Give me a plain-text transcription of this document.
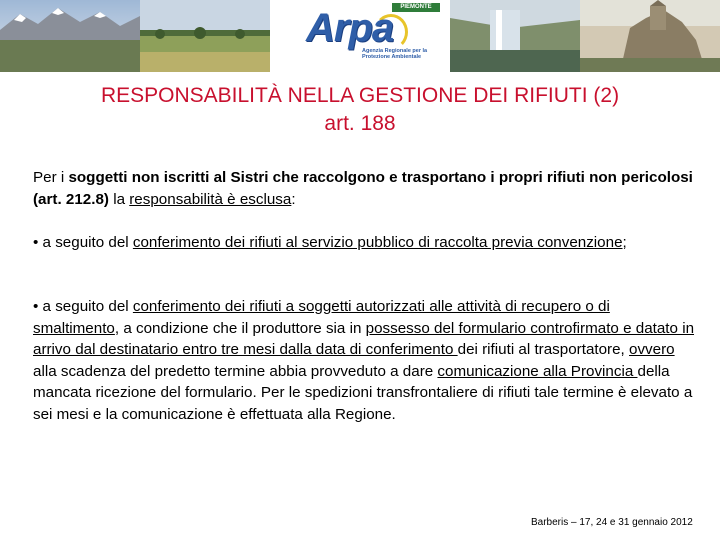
PIEMONTE
Arpa
Agenzia Regionale per la Protezione Ambientale
RESPONSABILITÀ NELLA GESTIONE DEI RIFIUTI (2)
art. 188

Per i soggetti non iscritti al Sistri che raccolgono e trasportano i propri rifiuti non pericolosi (art. 212.8) la responsabilità è esclusa:

• a seguito del conferimento dei rifiuti al servizio pubblico di raccolta previa convenzione;

• a seguito del conferimento dei rifiuti a soggetti autorizzati alle attività di recupero o di smaltimento, a condizione che il produttore sia in possesso del formulario controfirmato e datato in arrivo dal destinatario entro tre mesi dalla data di conferimento dei rifiuti al trasportatore, ovvero alla scadenza del predetto termine abbia provveduto a dare comunicazione alla Provincia della mancata ricezione del formulario. Per le spedizioni transfrontaliere di rifiuti tale termine è elevato a sei mesi e la comunicazione è effettuata alla Regione.

Barberis – 17, 24 e 31 gennaio 2012
